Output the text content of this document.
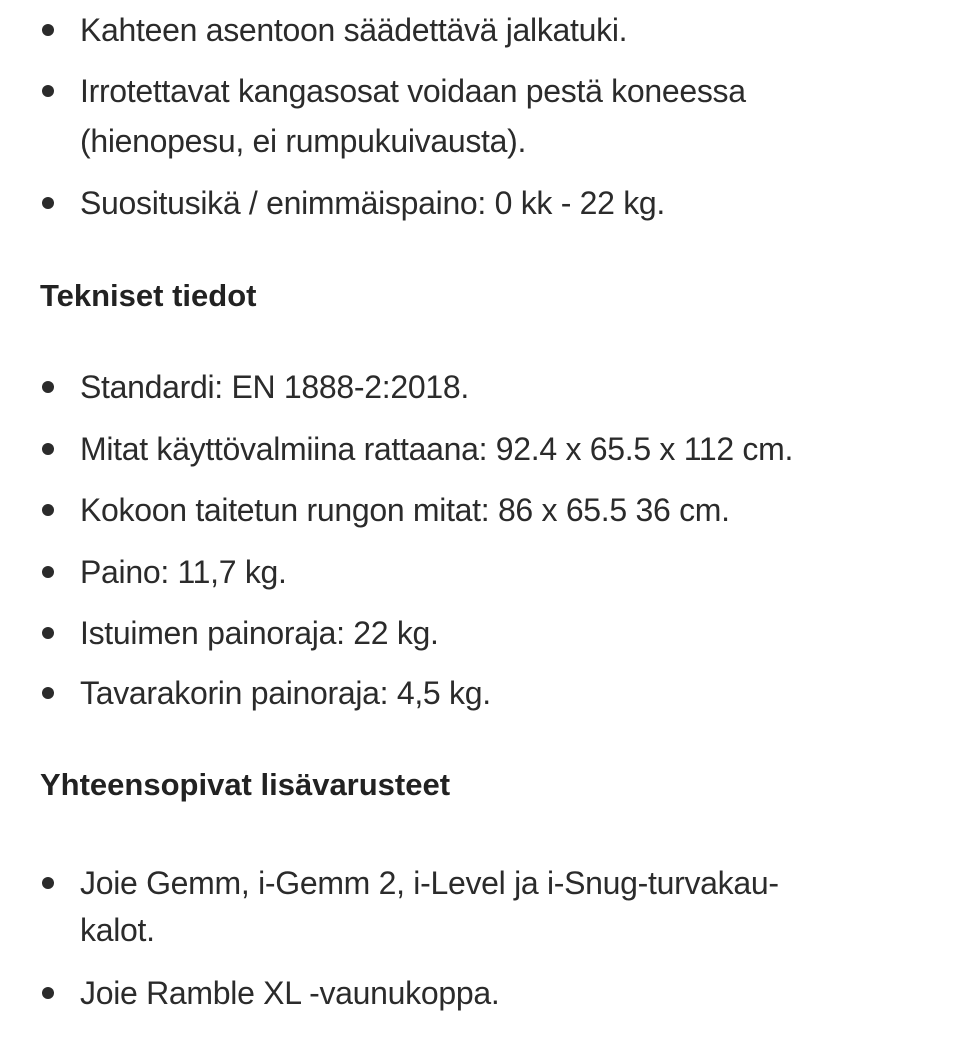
Kahteen asentoon säädettävä jalkatuki.
Irrotettavat kangasosat voidaan pestä koneessa
(hienopesu, ei rumpukuivausta).
Suositusikä / enimmäispaino: 0 kk - 22 kg.
Tekniset tiedot
Standardi: EN 1888-2:2018.
Mitat käyttövalmiina rattaana: 92.4 x 65.5 x 112 cm.
Kokoon taitetun rungon mitat: 86 x 65.5 36 cm.
Paino: 11,7 kg.
Istuimen painoraja: 22 kg.
Tavarakorin painoraja: 4,5 kg.
Yhteensopivat lisävarusteet
Joie Gemm, i-Gemm 2, i-Level ja i-Snug-turvakau-
kalot.
Joie Ramble XL -vaunukoppa.
